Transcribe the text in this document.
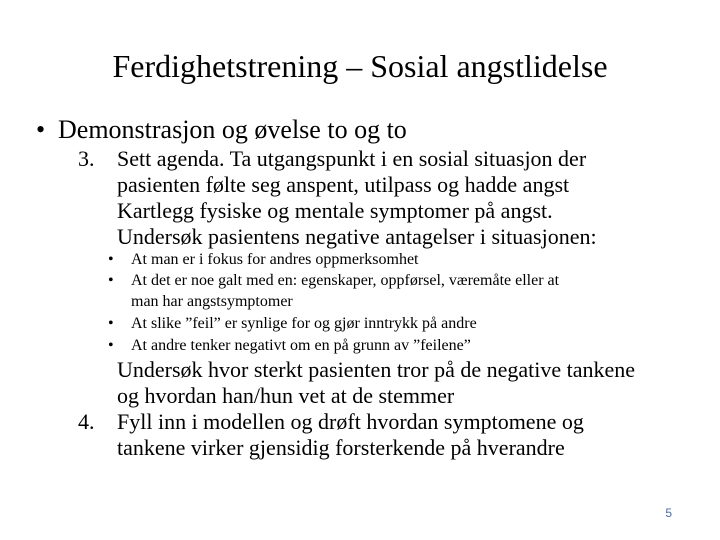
Ferdighetstrening – Sosial angstlidelse
• Demonstrasjon og øvelse to og to
3. Sett agenda. Ta utgangspunkt i en sosial situasjon der
pasienten følte seg anspent, utilpass og hadde angst
Kartlegg fysiske og mentale symptomer på angst.
Undersøk pasientens negative antagelser i situasjonen:
• At man er i fokus for andres oppmerksomhet
• At det er noe galt med en: egenskaper, oppførsel, væremåte eller at
man har angstsymptomer
• At slike ”feil” er synlige for og gjør inntrykk på andre
• At andre tenker negativt om en på grunn av ”feilene”
Undersøk hvor sterkt pasienten tror på de negative tankene
og hvordan han/hun vet at de stemmer
4. Fyll inn i modellen og drøft hvordan symptomene og
tankene virker gjensidig forsterkende på hverandre
5
